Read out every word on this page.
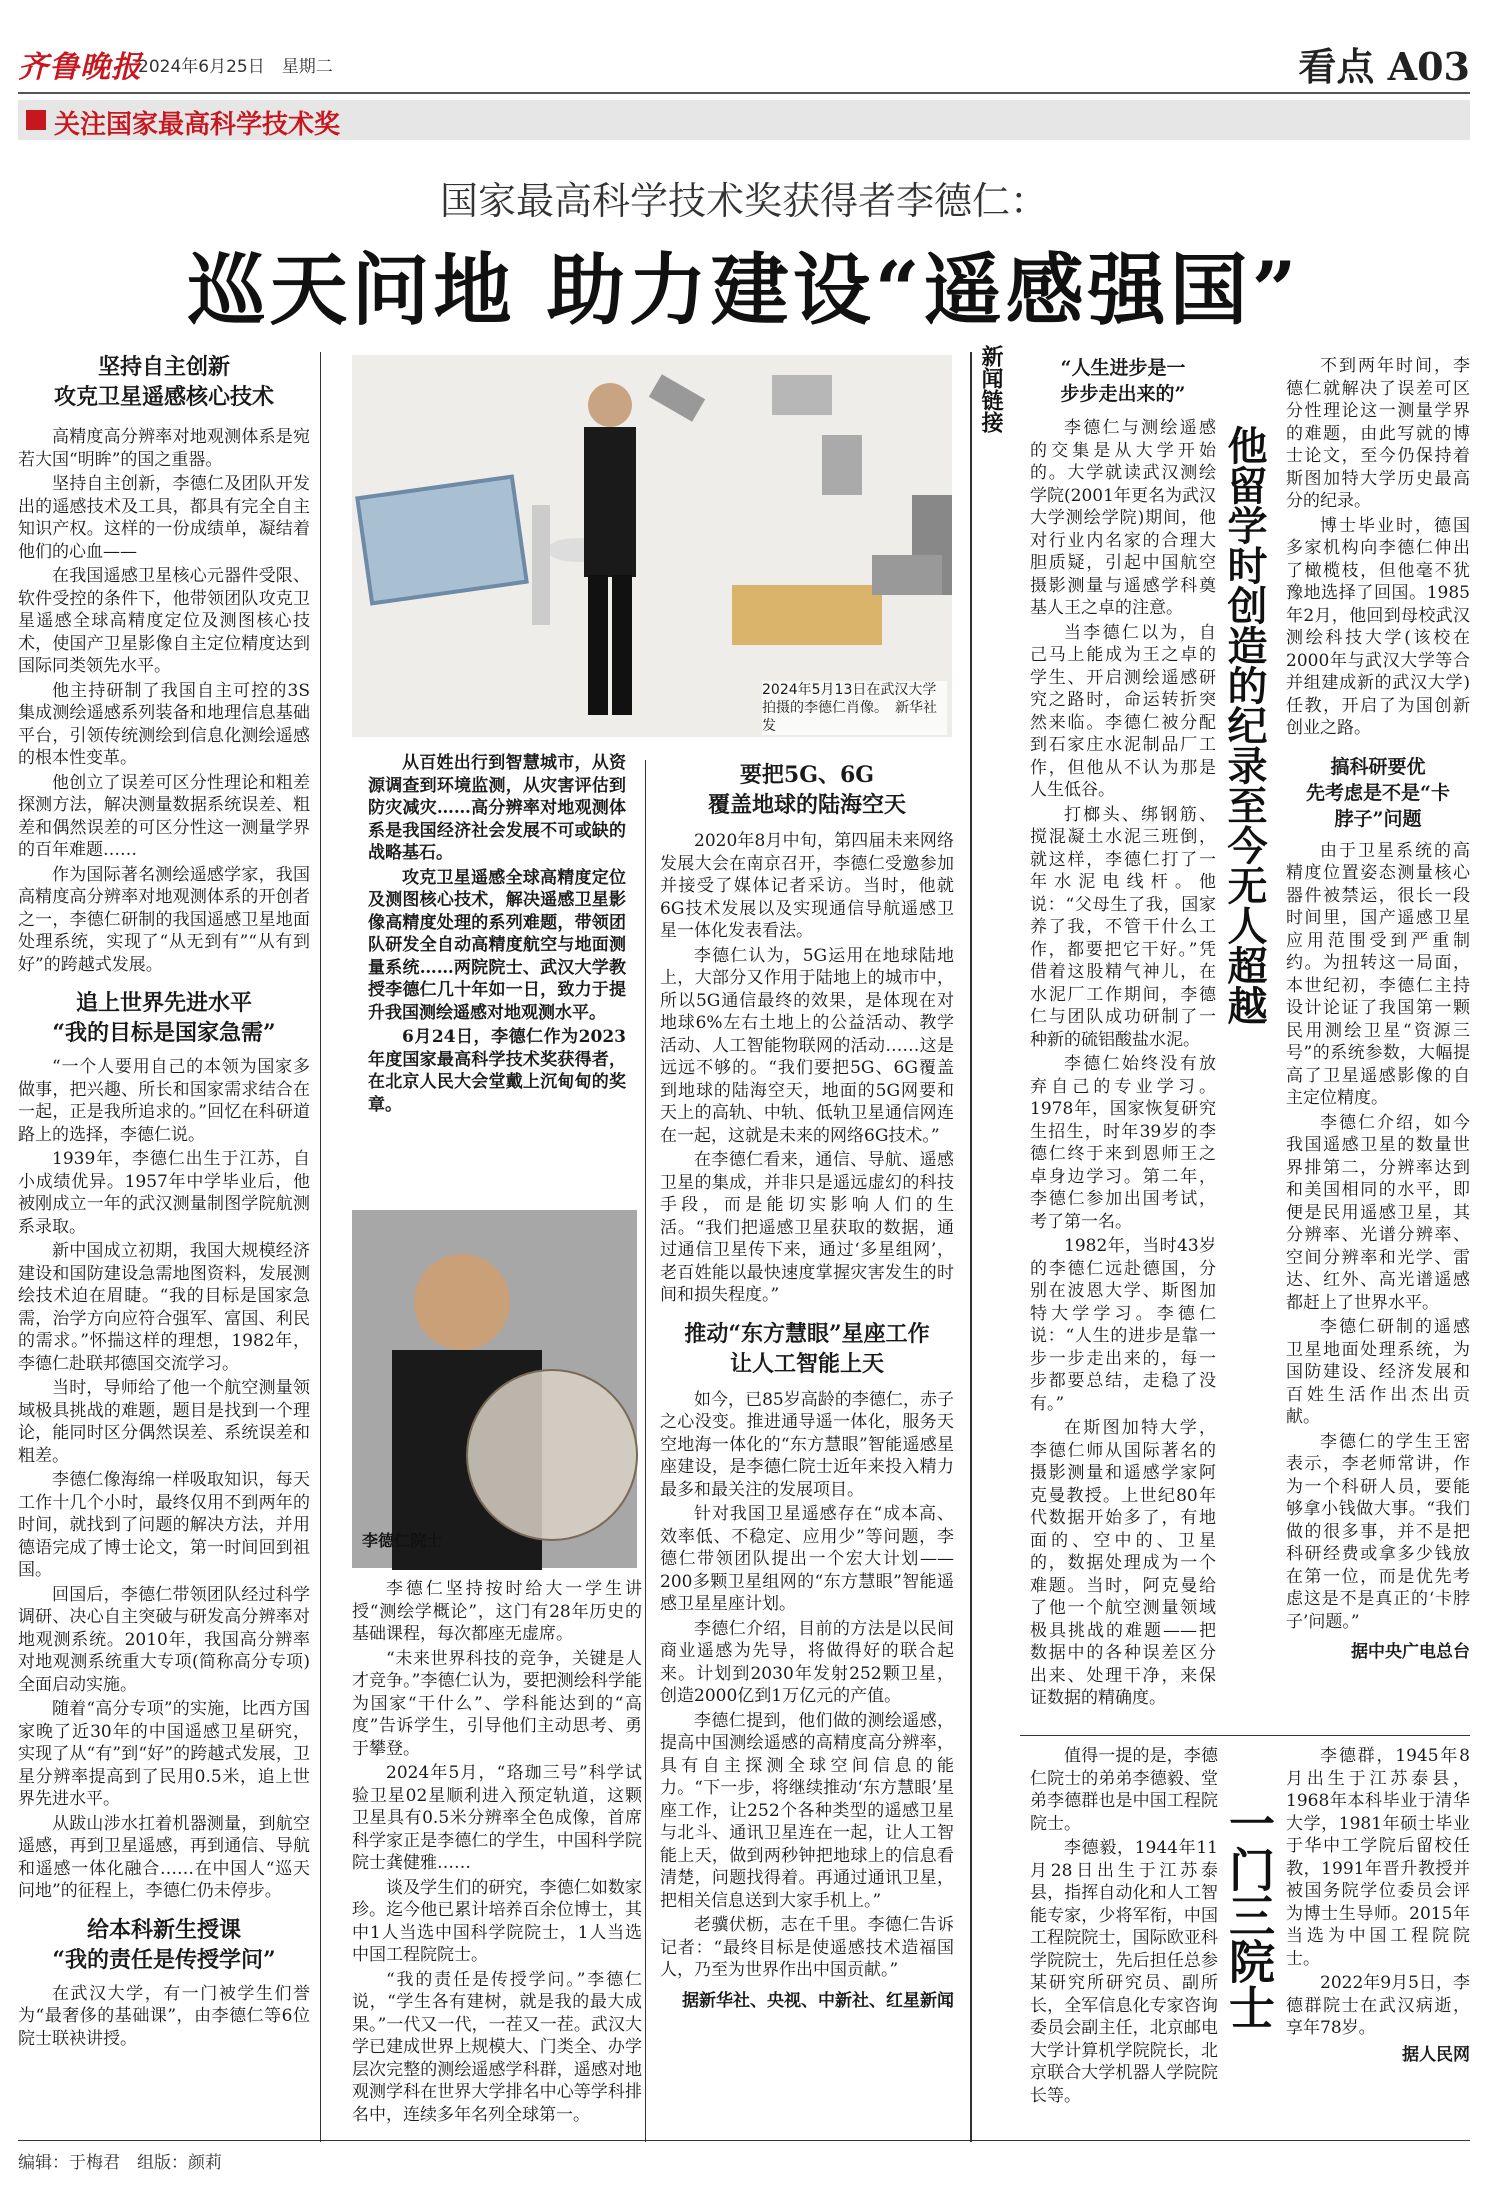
齐鲁晚报
2024年6月25日　星期二	看点 A03
关注国家最高科学技术奖
国家最高科学技术奖获得者李德仁：
巡天问地 助力建设“遥感强国”
坚持自主创新
攻克卫星遥感核心技术

高精度高分辨率对地观测体系是宛若大国“明眸”的国之重器。

坚持自主创新，李德仁及团队开发出的遥感技术及工具，都具有完全自主知识产权。这样的一份成绩单，凝结着他们的心血——

在我国遥感卫星核心元器件受限、软件受控的条件下，他带领团队攻克卫星遥感全球高精度定位及测图核心技术，使国产卫星影像自主定位精度达到国际同类领先水平。

他主持研制了我国自主可控的3S集成测绘遥感系列装备和地理信息基础平台，引领传统测绘到信息化测绘遥感的根本性变革。

他创立了误差可区分性理论和粗差探测方法，解决测量数据系统误差、粗差和偶然误差的可区分性这一测量学界的百年难题……

作为国际著名测绘遥感学家，我国高精度高分辨率对地观测体系的开创者之一，李德仁研制的我国遥感卫星地面处理系统，实现了“从无到有”“从有到好”的跨越式发展。

追上世界先进水平
“我的目标是国家急需”

“一个人要用自己的本领为国家多做事，把兴趣、所长和国家需求结合在一起，正是我所追求的。”回忆在科研道路上的选择，李德仁说。

1939年，李德仁出生于江苏，自小成绩优异。1957年中学毕业后，他被刚成立一年的武汉测量制图学院航测系录取。

新中国成立初期，我国大规模经济建设和国防建设急需地图资料，发展测绘技术迫在眉睫。“我的目标是国家急需，治学方向应符合强军、富国、利民的需求。”怀揣这样的理想，1982年，李德仁赴联邦德国交流学习。

当时，导师给了他一个航空测量领域极具挑战的难题，题目是找到一个理论，能同时区分偶然误差、系统误差和粗差。

李德仁像海绵一样吸取知识，每天工作十几个小时，最终仅用不到两年的时间，就找到了问题的解决方法，并用德语完成了博士论文，第一时间回到祖国。

回国后，李德仁带领团队经过科学调研、决心自主突破与研发高分辨率对地观测系统。2010年，我国高分辨率对地观测系统重大专项(简称高分专项)全面启动实施。

随着“高分专项”的实施，比西方国家晚了近30年的中国遥感卫星研究，实现了从“有”到“好”的跨越式发展，卫星分辨率提高到了民用0.5米，追上世界先进水平。

从跋山涉水扛着机器测量，到航空遥感，再到卫星遥感，再到通信、导航和遥感一体化融合……在中国人“巡天问地”的征程上，李德仁仍未停步。

给本科新生授课
“我的责任是传授学问”

在武汉大学，有一门被学生们誉为“最奢侈的基础课”，由李德仁等6位院士联袂讲授。

2024年5月13日在武汉大学拍摄的李德仁肖像。　新华社发

从百姓出行到智慧城市，从资源调查到环境监测，从灾害评估到防灾减灾……高分辨率对地观测体系是我国经济社会发展不可或缺的战略基石。

攻克卫星遥感全球高精度定位及测图核心技术，解决遥感卫星影像高精度处理的系列难题，带领团队研发全自动高精度航空与地面测量系统……两院院士、武汉大学教授李德仁几十年如一日，致力于提升我国测绘遥感对地观测水平。

6月24日，李德仁作为2023年度国家最高科学技术奖获得者，在北京人民大会堂戴上沉甸甸的奖章。

李德仁院士

李德仁坚持按时给大一学生讲授“测绘学概论”，这门有28年历史的基础课程，每次都座无虚席。

“未来世界科技的竞争，关键是人才竞争。”李德仁认为，要把测绘科学能为国家“干什么”、学科能达到的“高度”告诉学生，引导他们主动思考、勇于攀登。

2024年5月，“珞珈三号”科学试验卫星02星顺利进入预定轨道，这颗卫星具有0.5米分辨率全色成像，首席科学家正是李德仁的学生，中国科学院院士龚健雅……

谈及学生们的研究，李德仁如数家珍。迄今他已累计培养百余位博士，其中1人当选中国科学院院士，1人当选中国工程院院士。

“我的责任是传授学问。”李德仁说，“学生各有建树，就是我的最大成果。”一代又一代，一茬又一茬。武汉大学已建成世界上规模大、门类全、办学层次完整的测绘遥感学科群，遥感对地观测学科在世界大学排名中心等学科排名中，连续多年名列全球第一。

要把5G、6G
覆盖地球的陆海空天

2020年8月中旬，第四届未来网络发展大会在南京召开，李德仁受邀参加并接受了媒体记者采访。当时，他就6G技术发展以及实现通信导航遥感卫星一体化发表看法。

李德仁认为，5G运用在地球陆地上，大部分又作用于陆地上的城市中，所以5G通信最终的效果，是体现在对地球6%左右土地上的公益活动、教学活动、人工智能物联网的活动……这是远远不够的。“我们要把5G、6G覆盖到地球的陆海空天，地面的5G网要和天上的高轨、中轨、低轨卫星通信网连在一起，这就是未来的网络6G技术。”

在李德仁看来，通信、导航、遥感卫星的集成，并非只是遥远虚幻的科技手段，而是能切实影响人们的生活。“我们把遥感卫星获取的数据，通过通信卫星传下来，通过‘多星组网’，老百姓能以最快速度掌握灾害发生的时间和损失程度。”

推动“东方慧眼”星座工作
让人工智能上天

如今，已85岁高龄的李德仁，赤子之心没变。推进通导遥一体化，服务天空地海一体化的“东方慧眼”智能遥感星座建设，是李德仁院士近年来投入精力最多和最关注的发展项目。

针对我国卫星遥感存在“成本高、效率低、不稳定、应用少”等问题，李德仁带领团队提出一个宏大计划——200多颗卫星组网的“东方慧眼”智能遥感卫星星座计划。

李德仁介绍，目前的方法是以民间商业遥感为先导，将做得好的联合起来。计划到2030年发射252颗卫星，创造2000亿到1万亿元的产值。

李德仁提到，他们做的测绘遥感，提高中国测绘遥感的高精度高分辨率，具有自主探测全球空间信息的能力。“下一步，将继续推动‘东方慧眼’星座工作，让252个各种类型的遥感卫星与北斗、通讯卫星连在一起，让人工智能上天，做到两秒钟把地球上的信息看清楚，问题找得着。再通过通讯卫星，把相关信息送到大家手机上。”

老骥伏枥，志在千里。李德仁告诉记者：“最终目标是使遥感技术造福国人，乃至为世界作出中国贡献。”

据新华社、央视、中新社、红星新闻
新闻链接	“人生进步是一
步步走出来的”

李德仁与测绘遥感的交集是从大学开始的。大学就读武汉测绘学院(2001年更名为武汉大学测绘学院)期间，他对行业内名家的合理大胆质疑，引起中国航空摄影测量与遥感学科奠基人王之卓的注意。

当李德仁以为，自己马上能成为王之卓的学生、开启测绘遥感研究之路时，命运转折突然来临。李德仁被分配到石家庄水泥制品厂工作，但他从不认为那是人生低谷。

打榔头、绑钢筋、搅混凝土水泥三班倒，就这样，李德仁打了一年水泥电线杆。他说：“父母生了我，国家养了我，不管干什么工作，都要把它干好。”凭借着这股精气神儿，在水泥厂工作期间，李德仁与团队成功研制了一种新的硫铝酸盐水泥。

李德仁始终没有放弃自己的专业学习。1978年，国家恢复研究生招生，时年39岁的李德仁终于来到恩师王之卓身边学习。第二年，李德仁参加出国考试，考了第一名。

1982年，当时43岁的李德仁远赴德国，分别在波恩大学、斯图加特大学学习。李德仁说：“人生的进步是靠一步一步走出来的，每一步都要总结，走稳了没有。”

在斯图加特大学，李德仁师从国际著名的摄影测量和遥感学家阿克曼教授。上世纪80年代数据开始多了，有地面的、空中的、卫星的，数据处理成为一个难题。当时，阿克曼给了他一个航空测量领域极具挑战的难题——把数据中的各种误差区分出来、处理干净，来保证数据的精确度。

他留学时创造的纪录至今无人超越

不到两年时间，李德仁就解决了误差可区分性理论这一测量学界的难题，由此写就的博士论文，至今仍保持着斯图加特大学历史最高分的纪录。

博士毕业时，德国多家机构向李德仁伸出了橄榄枝，但他毫不犹豫地选择了回国。1985年2月，他回到母校武汉测绘科技大学(该校在2000年与武汉大学等合并组建成新的武汉大学)任教，开启了为国创新创业之路。

搞科研要优
先考虑是不是“卡
脖子”问题

由于卫星系统的高精度位置姿态测量核心器件被禁运，很长一段时间里，国产遥感卫星应用范围受到严重制约。为扭转这一局面，本世纪初，李德仁主持设计论证了我国第一颗民用测绘卫星“资源三号”的系统参数，大幅提高了卫星遥感影像的自主定位精度。

李德仁介绍，如今我国遥感卫星的数量世界排第二，分辨率达到和美国相同的水平，即便是民用遥感卫星，其分辨率、光谱分辨率、空间分辨率和光学、雷达、红外、高光谱遥感都赶上了世界水平。

李德仁研制的遥感卫星地面处理系统，为国防建设、经济发展和百姓生活作出杰出贡献。

李德仁的学生王密表示，李老师常讲，作为一个科研人员，要能够拿小钱做大事。“我们做的很多事，并不是把科研经费或拿多少钱放在第一位，而是优先考虑这是不是真正的‘卡脖子’问题。”

据中央广电总台

值得一提的是，李德仁院士的弟弟李德毅、堂弟李德群也是中国工程院院士。

李德毅，1944年11月28日出生于江苏泰县，指挥自动化和人工智能专家，少将军衔，中国工程院院士，国际欧亚科学院院士，先后担任总参某研究所研究员、副所长，全军信息化专家咨询委员会副主任，北京邮电大学计算机学院院长，北京联合大学机器人学院院长等。

一门三院士

李德群，1945年8月出生于江苏泰县，1968年本科毕业于清华大学，1981年硕士毕业于华中工学院后留校任教，1991年晋升教授并被国务院学位委员会评为博士生导师。2015年当选为中国工程院院士。

2022年9月5日，李德群院士在武汉病逝，享年78岁。

据人民网
编辑：于梅君　组版：颜莉
